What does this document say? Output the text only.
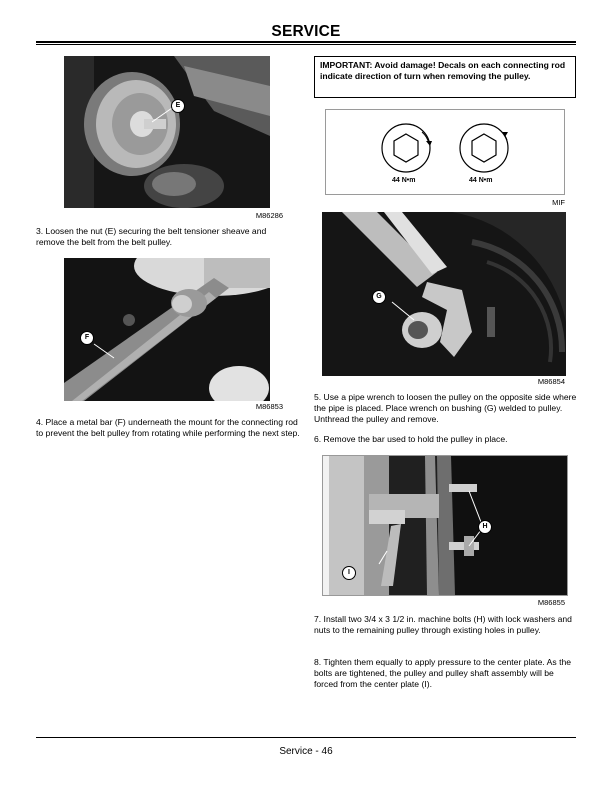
SERVICE
E
M86286
3. Loosen the nut (E) securing the belt tensioner sheave and remove the belt from the belt pulley.
F
M86853
4. Place a metal bar (F) underneath the mount for the connecting rod to prevent the belt pulley from rotating while performing the next step.
IMPORTANT: Avoid damage! Decals on each connecting rod indicate direction of turn when removing the pulley.
44 N•m	44 N•m
MIF
G
M86854
5. Use a pipe wrench to loosen the pulley on the opposite side where the pipe is placed. Place wrench on bushing (G) welded to pulley. Unthread the pulley and remove.
6. Remove the bar used to hold the pulley in place.
H
I
M86855
7. Install two 3/4 x 3 1/2 in. machine bolts (H) with lock washers and nuts to the remaining pulley through existing holes in pulley.
8. Tighten them equally to apply pressure to the center plate. As the bolts are tightened, the pulley and pulley shaft assembly will be forced from the center plate (I).
Service - 46
